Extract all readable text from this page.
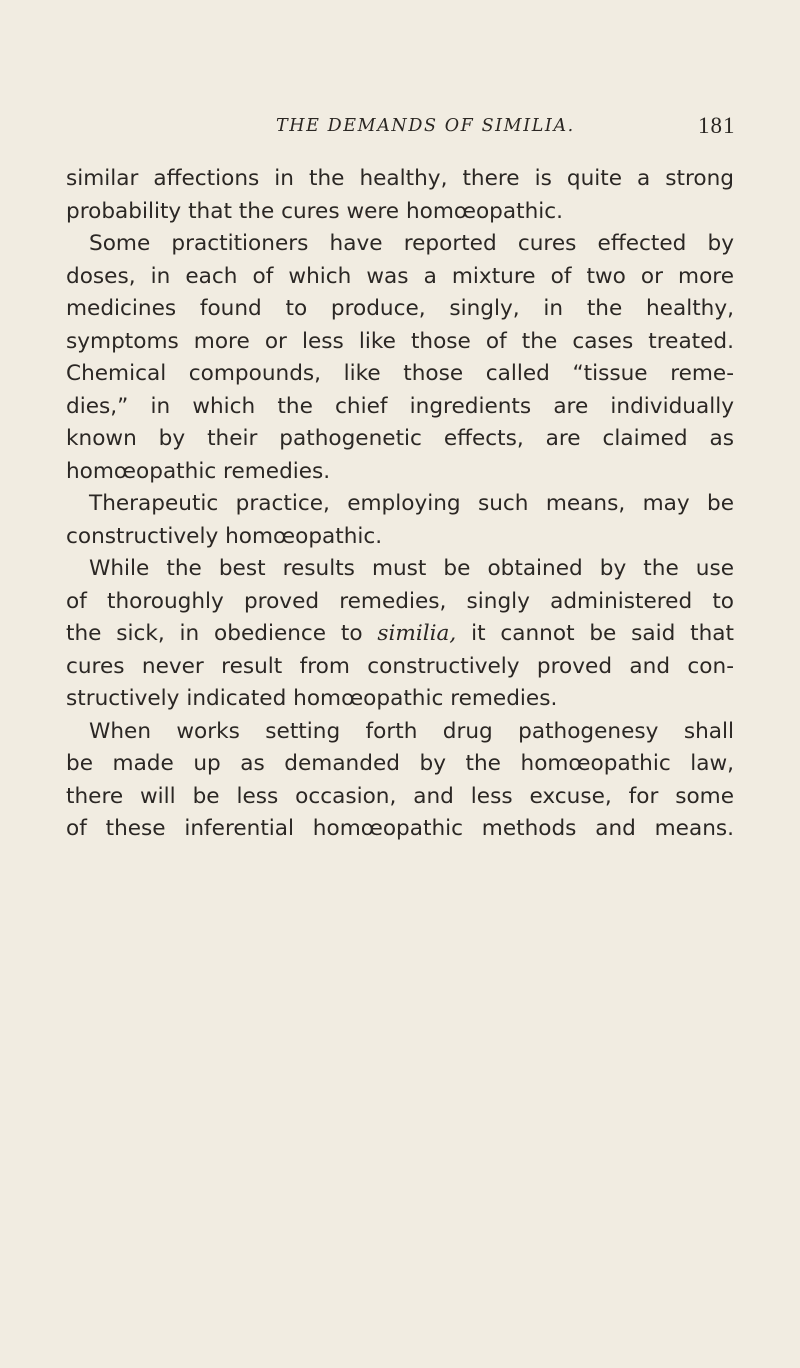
THE DEMANDS OF SIMILIA.	181
similar affections in the healthy, there is quite a strong
probability that the cures were homœopathic.
Some practitioners have reported cures effected by
doses, in each of which was a mixture of two or more
medicines found to produce, singly, in the healthy,
symptoms more or less like those of the cases treated.
Chemical compounds, like those called “tissue reme-
dies,” in which the chief ingredients are individually
known by their pathogenetic effects, are claimed as
homœopathic remedies.
Therapeutic practice, employing such means, may be
constructively homœopathic.
While the best results must be obtained by the use
of thoroughly proved remedies, singly administered to
the sick, in obedience to similia, it cannot be said that
cures never result from constructively proved and con-
structively indicated homœopathic remedies.
When works setting forth drug pathogenesy shall
be made up as demanded by the homœopathic law,
there will be less occasion, and less excuse, for some
of these inferential homœopathic methods and means.
